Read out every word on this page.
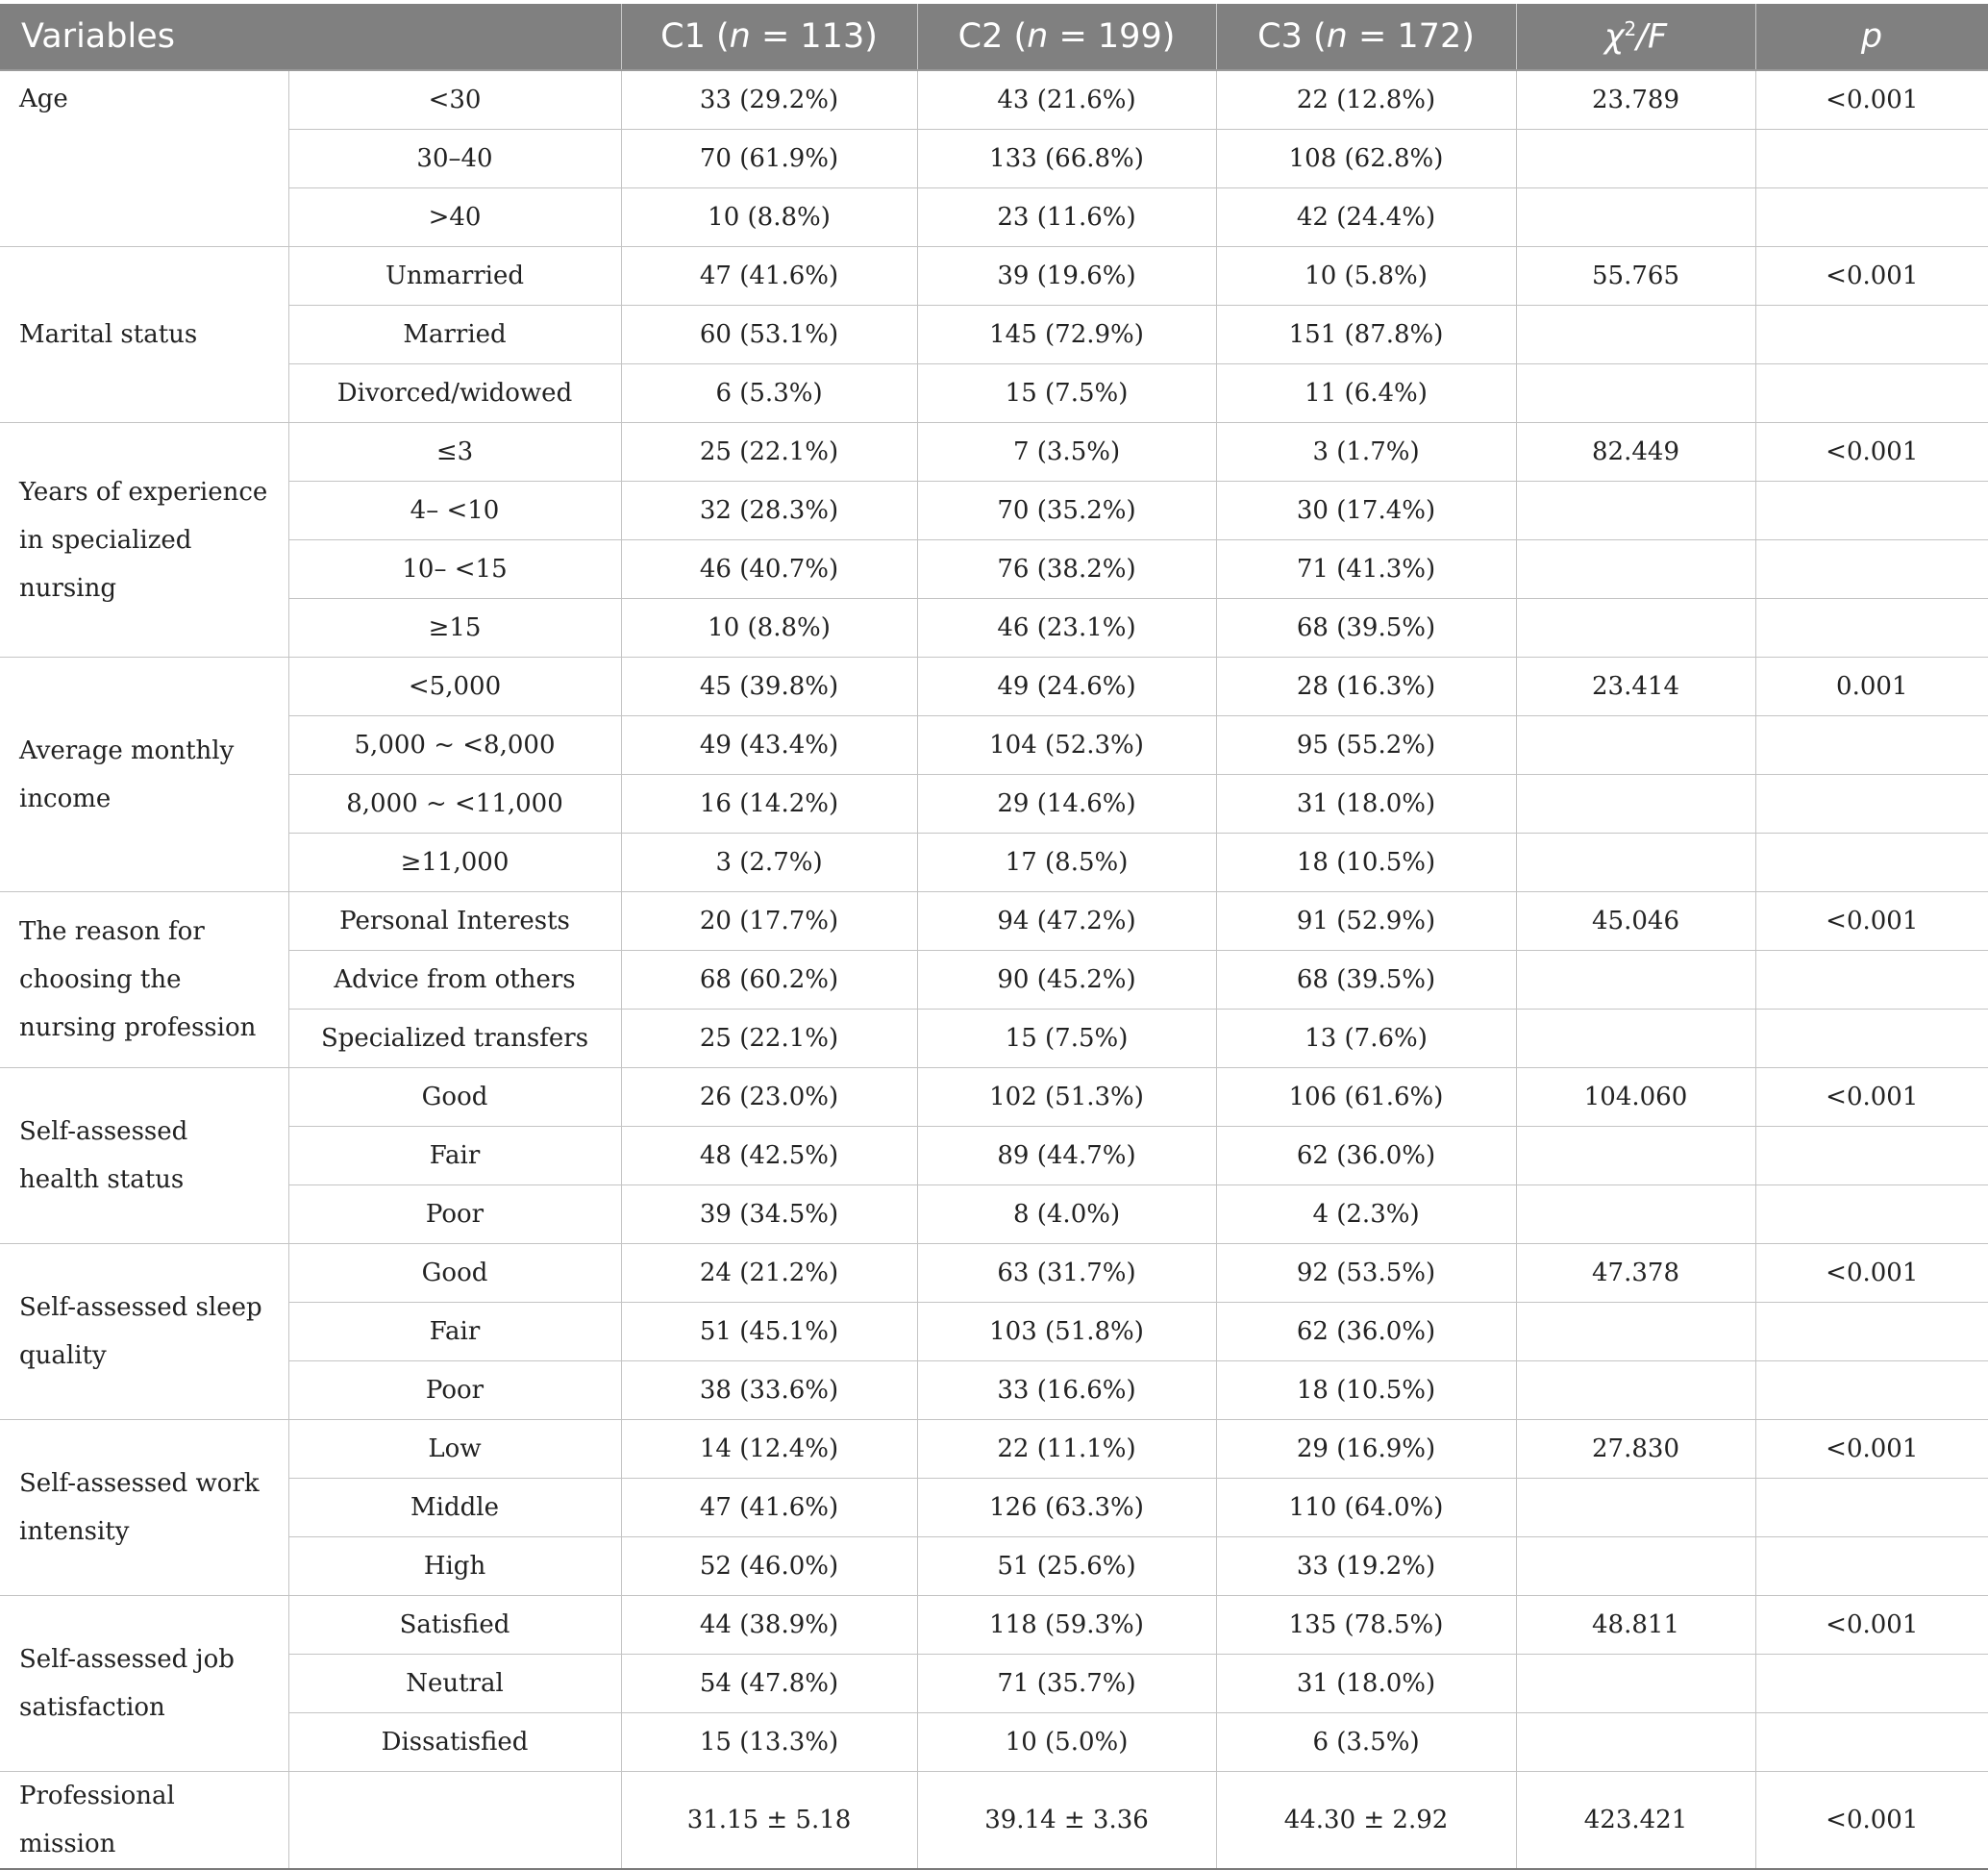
Variables		C1 (n = 113)	C2 (n = 199)	C3 (n = 172)	$\chi^2/F$	p
Age	<30	33 (29.2%)	43 (21.6%)	22 (12.8%)	23.789	<0.001
	30–40	70 (61.9%)	133 (66.8%)	108 (62.8%)		
	>40	10 (8.8%)	23 (11.6%)	42 (24.4%)		
Marital status	Unmarried	47 (41.6%)	39 (19.6%)	10 (5.8%)	55.765	<0.001
	Married	60 (53.1%)	145 (72.9%)	151 (87.8%)		
	Divorced/widowed	6 (5.3%)	15 (7.5%)	11 (6.4%)		
Years of experience in specialized nursing	≤3	25 (22.1%)	7 (3.5%)	3 (1.7%)	82.449	<0.001
	4– <10	32 (28.3%)	70 (35.2%)	30 (17.4%)		
	10– <15	46 (40.7%)	76 (38.2%)	71 (41.3%)		
	≥15	10 (8.8%)	46 (23.1%)	68 (39.5%)		
Average monthly income	<5,000	45 (39.8%)	49 (24.6%)	28 (16.3%)	23.414	0.001
	5,000 ~ <8,000	49 (43.4%)	104 (52.3%)	95 (55.2%)		
	8,000 ~ <11,000	16 (14.2%)	29 (14.6%)	31 (18.0%)		
	≥11,000	3 (2.7%)	17 (8.5%)	18 (10.5%)		
The reason for choosing the nursing profession	Personal Interests	20 (17.7%)	94 (47.2%)	91 (52.9%)	45.046	<0.001
	Advice from others	68 (60.2%)	90 (45.2%)	68 (39.5%)		
	Specialized transfers	25 (22.1%)	15 (7.5%)	13 (7.6%)		
Self-assessed health status	Good	26 (23.0%)	102 (51.3%)	106 (61.6%)	104.060	<0.001
	Fair	48 (42.5%)	89 (44.7%)	62 (36.0%)		
	Poor	39 (34.5%)	8 (4.0%)	4 (2.3%)		
Self-assessed sleep quality	Good	24 (21.2%)	63 (31.7%)	92 (53.5%)	47.378	<0.001
	Fair	51 (45.1%)	103 (51.8%)	62 (36.0%)		
	Poor	38 (33.6%)	33 (16.6%)	18 (10.5%)		
Self-assessed work intensity	Low	14 (12.4%)	22 (11.1%)	29 (16.9%)	27.830	<0.001
	Middle	47 (41.6%)	126 (63.3%)	110 (64.0%)		
	High	52 (46.0%)	51 (25.6%)	33 (19.2%)		
Self-assessed job satisfaction	Satisfied	44 (38.9%)	118 (59.3%)	135 (78.5%)	48.811	<0.001
	Neutral	54 (47.8%)	71 (35.7%)	31 (18.0%)		
	Dissatisfied	15 (13.3%)	10 (5.0%)	6 (3.5%)		
Professional mission		31.15 ± 5.18	39.14 ± 3.36	44.30 ± 2.92	423.421	<0.001
